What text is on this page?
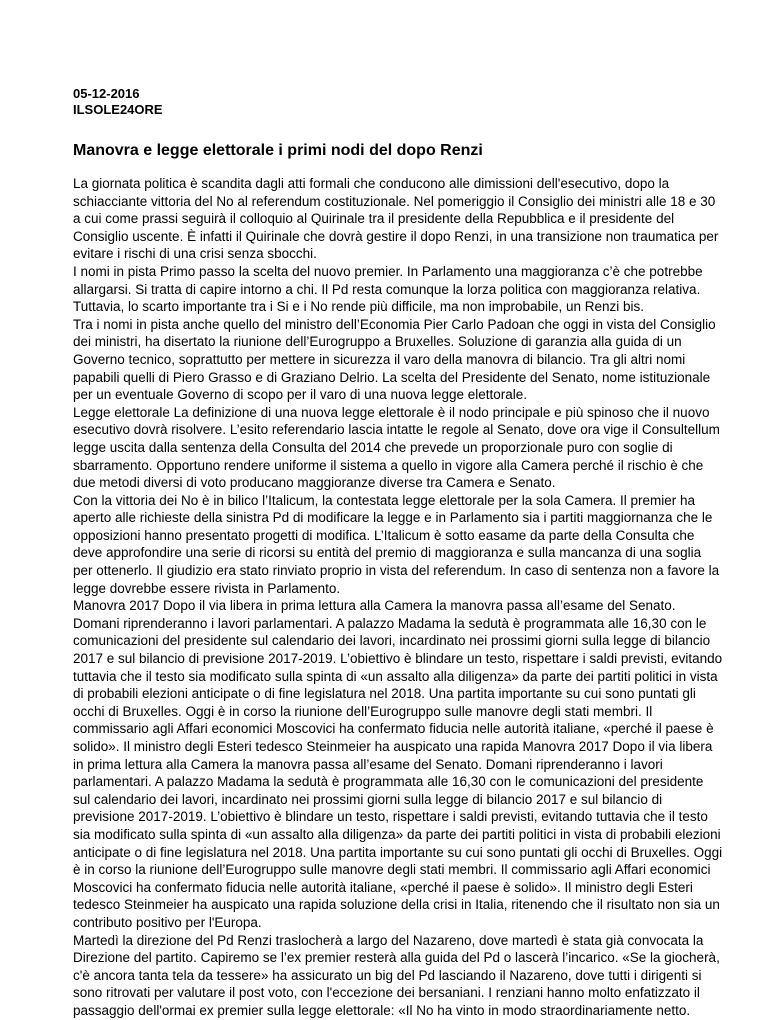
05-12-2016

ILSOLE24ORE

Manovra e legge elettorale i primi nodi del dopo Renzi

La giornata politica è scandita dagli atti formali che conducono alle dimissioni dell'esecutivo, dopo la schiacciante vittoria del No al referendum costituzionale. Nel pomeriggio il Consiglio dei ministri alle 18 e 30 a cui come prassi seguirà il colloquio al Quirinale tra il presidente della Repubblica e il presidente del Consiglio uscente. È infatti il Quirinale che dovrà gestire il dopo Renzi, in una transizione non traumatica per evitare i rischi di una crisi senza sbocchi.

I nomi in pista Primo passo la scelta del nuovo premier. In Parlamento una maggioranza c’è che potrebbe allargarsi. Si tratta di capire intorno a chi. Il Pd resta comunque la lorza politica con maggioranza relativa. Tuttavia, lo scarto importante tra i Si e i No rende più difficile, ma non improbabile, un Renzi bis.

Tra i nomi in pista anche quello del ministro dell’Economia Pier Carlo Padoan che oggi in vista del Consiglio dei ministri, ha disertato la riunione dell’Eurogruppo a Bruxelles. Soluzione di garanzia alla guida di un Governo tecnico, soprattutto per mettere in sicurezza il varo della manovra di bilancio. Tra gli altri nomi papabili quelli di Piero Grasso e di Graziano Delrio. La scelta del Presidente del Senato, nome istituzionale per un eventuale Governo di scopo per il varo di una nuova legge elettorale.

Legge elettorale La definizione di una nuova legge elettorale è il nodo principale e più spinoso che il nuovo esecutivo dovrà risolvere. L’esito referendario lascia intatte le regole al Senato, dove ora vige il Consultellum legge uscita dalla sentenza della Consulta del 2014 che prevede un proporzionale puro con soglie di sbarramento. Opportuno rendere uniforme il sistema a quello in vigore alla Camera perché il rischio è che due metodi diversi di voto producano maggioranze diverse tra Camera e Senato.

Con la vittoria dei No è in bilico l’Italicum, la contestata legge elettorale per la sola Camera. Il premier ha aperto alle richieste della sinistra Pd di modificare la legge e in Parlamento sia i partiti maggiornanza che le opposizioni hanno presentato progetti di modifica. L’Italicum è sotto easame da parte della Consulta che deve approfondire una serie di ricorsi su entità del premio di maggioranza e sulla mancanza di una soglia per ottenerlo. Il giudizio era stato rinviato proprio in vista del referendum. In caso di sentenza non a favore la legge dovrebbe essere rivista in Parlamento.

Manovra 2017 Dopo il via libera in prima lettura alla Camera la manovra passa all’esame del Senato. Domani riprenderanno i lavori parlamentari. A palazzo Madama la sedutà è programmata alle 16,30 con le comunicazioni del presidente sul calendario dei lavori, incardinato nei prossimi giorni sulla legge di bilancio 2017 e sul bilancio di previsione 2017-2019. L’obiettivo è blindare un testo, rispettare i saldi previsti, evitando tuttavia che il testo sia modificato sulla spinta di «un assalto alla diligenza» da parte dei partiti politici in vista di probabili elezioni anticipate o di fine legislatura nel 2018. Una partita importante su cui sono puntati gli occhi di Bruxelles. Oggi è in corso la riunione dell’Eurogruppo sulle manovre degli stati membri. Il commissario agli Affari economici Moscovici ha confermato fiducia nelle autorità italiane, «perché il paese è solido». Il ministro degli Esteri tedesco Steinmeier ha auspicato una rapida Manovra 2017 Dopo il via libera in prima lettura alla Camera la manovra passa all’esame del Senato. Domani riprenderanno i lavori parlamentari. A palazzo Madama la sedutà è programmata alle 16,30 con le comunicazioni del presidente sul calendario dei lavori, incardinato nei prossimi giorni sulla legge di bilancio 2017 e sul bilancio di previsione 2017-2019. L’obiettivo è blindare un testo, rispettare i saldi previsti, evitando tuttavia che il testo sia modificato sulla spinta di «un assalto alla diligenza» da parte dei partiti politici in vista di probabili elezioni anticipate o di fine legislatura nel 2018. Una partita importante su cui sono puntati gli occhi di Bruxelles. Oggi è in corso la riunione dell’Eurogruppo sulle manovre degli stati membri. Il commissario agli Affari economici Moscovici ha confermato fiducia nelle autorità italiane, «perché il paese è solido». Il ministro degli Esteri tedesco Steinmeier ha auspicato una rapida soluzione della crisi in Italia, ritenendo che il risultato non sia un contributo positivo per l'Europa.

Martedì la direzione del Pd Renzi traslocherà a largo del Nazareno, dove martedì è stata già convocata la Direzione del partito. Capiremo se l’ex premier resterà alla guida del Pd o lascerà l’incarico. «Se la giocherà, c'è ancora tanta tela da tessere» ha assicurato un big del Pd lasciando il Nazareno, dove tutti i dirigenti si sono ritrovati per valutare il post voto, con l'eccezione dei bersaniani. I renziani hanno molto enfatizzato il passaggio dell'ormai ex premier sulla legge elettorale: «Il No ha vinto in modo straordinariamente netto.
